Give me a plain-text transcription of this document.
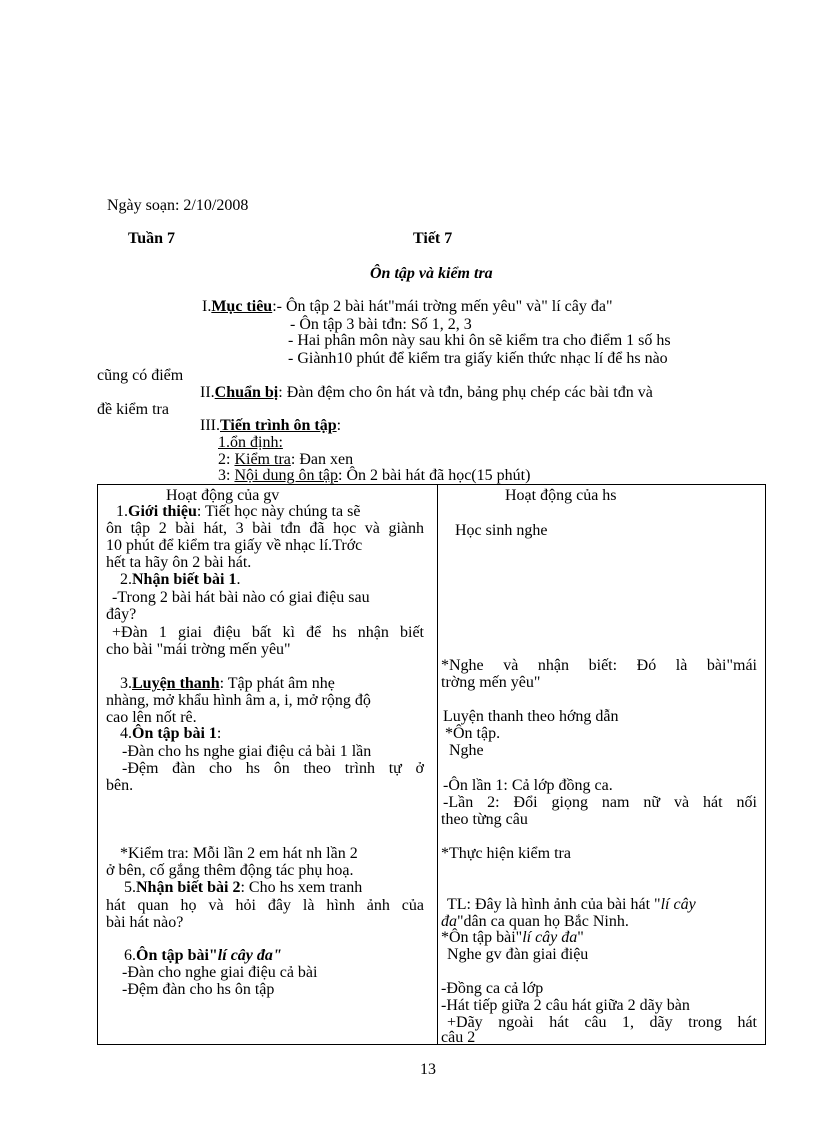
Ngày soạn: 2/10/2008
Tuần 7	Tiết 7
Ôn tập và kiểm tra
I.Mục tiêu:- Ôn tập 2 bài hát"mái trờng mến yêu" và" lí cây đa"
- Ôn tập 3 bài tđn: Số 1, 2, 3
- Hai phân môn này sau khi ôn sẽ kiểm tra cho điểm 1 số hs
- Giành10 phút để kiểm tra giấy kiến thức nhạc lí để hs nào
cũng có điểm
II.Chuẩn bị: Đàn đệm cho ôn hát và tđn, bảng phụ chép các bài tđn và
đề kiểm tra
III.Tiến trình ôn tập:
1.ổn định:
2: Kiểm tra: Đan xen
3: Nội dung ôn tập: Ôn 2 bài hát đã học(15 phút)
Hoạt động của gv	Hoạt động của hs
1.Giới thiệu: Tiết học này chúng ta sẽ
ôn tập 2 bài hát, 3 bài tđn đã học và giành
10 phút để kiểm tra giấy về nhạc lí.Trớc
hết ta hãy ôn 2 bài hát.
2.Nhận biết bài 1.
-Trong 2 bài hát bài nào có giai điệu sau
đây?
+Đàn 1 giai điệu bất kì để hs nhận biết
cho bài "mái trờng mến yêu"
3.Luyện thanh: Tập phát âm nhẹ
nhàng, mở khẩu hình âm a, i, mở rộng độ
cao lên nốt rê.
4.Ôn tập bài 1:
-Đàn cho hs nghe giai điệu cả bài 1 lần
-Đệm đàn cho hs ôn theo trình tự ở
bên.
*Kiểm tra: Mỗi lần 2 em hát nh lần 2
ở bên, cố gắng thêm động tác phụ hoạ.
5.Nhận biết bài 2: Cho hs xem tranh
hát quan họ và hỏi đây là hình ảnh của
bài hát nào?
6.Ôn tập bài"lí cây đa"
-Đàn cho nghe giai điệu cả bài
-Đệm đàn cho hs ôn tập
Học sinh nghe
*Nghe và nhận biết: Đó là bài"mái
trờng mến yêu"
Luyện thanh theo hớng dẫn
*Ôn tập.
Nghe
-Ôn lần 1: Cả lớp đồng ca.
-Lần 2: Đổi giọng nam nữ và hát nối
theo từng câu
*Thực hiện kiểm tra
TL: Đây là hình ảnh của bài hát "lí cây
đa"dân ca quan họ Bắc Ninh.
*Ôn tập bài"lí cây đa"
Nghe gv đàn giai điệu
-Đồng ca cả lớp
-Hát tiếp giữa 2 câu hát giữa 2 dãy bàn
+Dãy ngoài hát câu 1, dãy trong hát
câu 2
13
